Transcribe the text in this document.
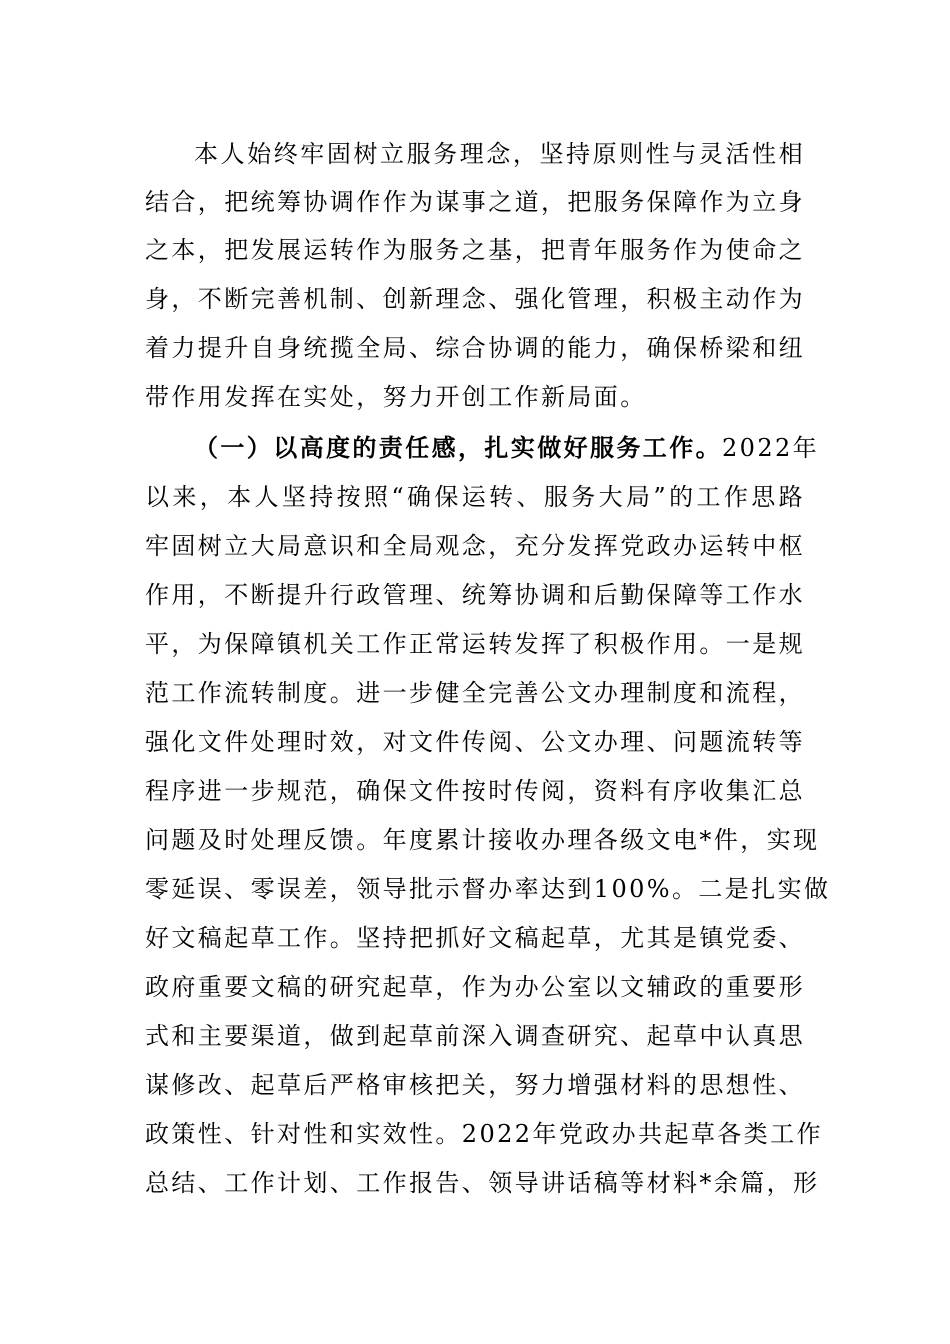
本人始终牢固树立服务理念，坚持原则性与灵活性相
结合，把统筹协调作作为谋事之道，把服务保障作为立身
之本，把发展运转作为服务之基，把青年服务作为使命之
身，不断完善机制、创新理念、强化管理，积极主动作为
着力提升自身统揽全局、综合协调的能力，确保桥梁和纽
带作用发挥在实处，努力开创工作新局面。
（一）以高度的责任感，扎实做好服务工作。2022年
以来，本人坚持按照“确保运转、服务大局”的工作思路
牢固树立大局意识和全局观念，充分发挥党政办运转中枢
作用，不断提升行政管理、统筹协调和后勤保障等工作水
平，为保障镇机关工作正常运转发挥了积极作用。一是规
范工作流转制度。进一步健全完善公文办理制度和流程，
强化文件处理时效，对文件传阅、公文办理、问题流转等
程序进一步规范，确保文件按时传阅，资料有序收集汇总
问题及时处理反馈。年度累计接收办理各级文电*件，实现
零延误、零误差，领导批示督办率达到100%。二是扎实做
好文稿起草工作。坚持把抓好文稿起草，尤其是镇党委、
政府重要文稿的研究起草，作为办公室以文辅政的重要形
式和主要渠道，做到起草前深入调查研究、起草中认真思
谋修改、起草后严格审核把关，努力增强材料的思想性、
政策性、针对性和实效性。2022年党政办共起草各类工作
总结、工作计划、工作报告、领导讲话稿等材料*余篇，形
